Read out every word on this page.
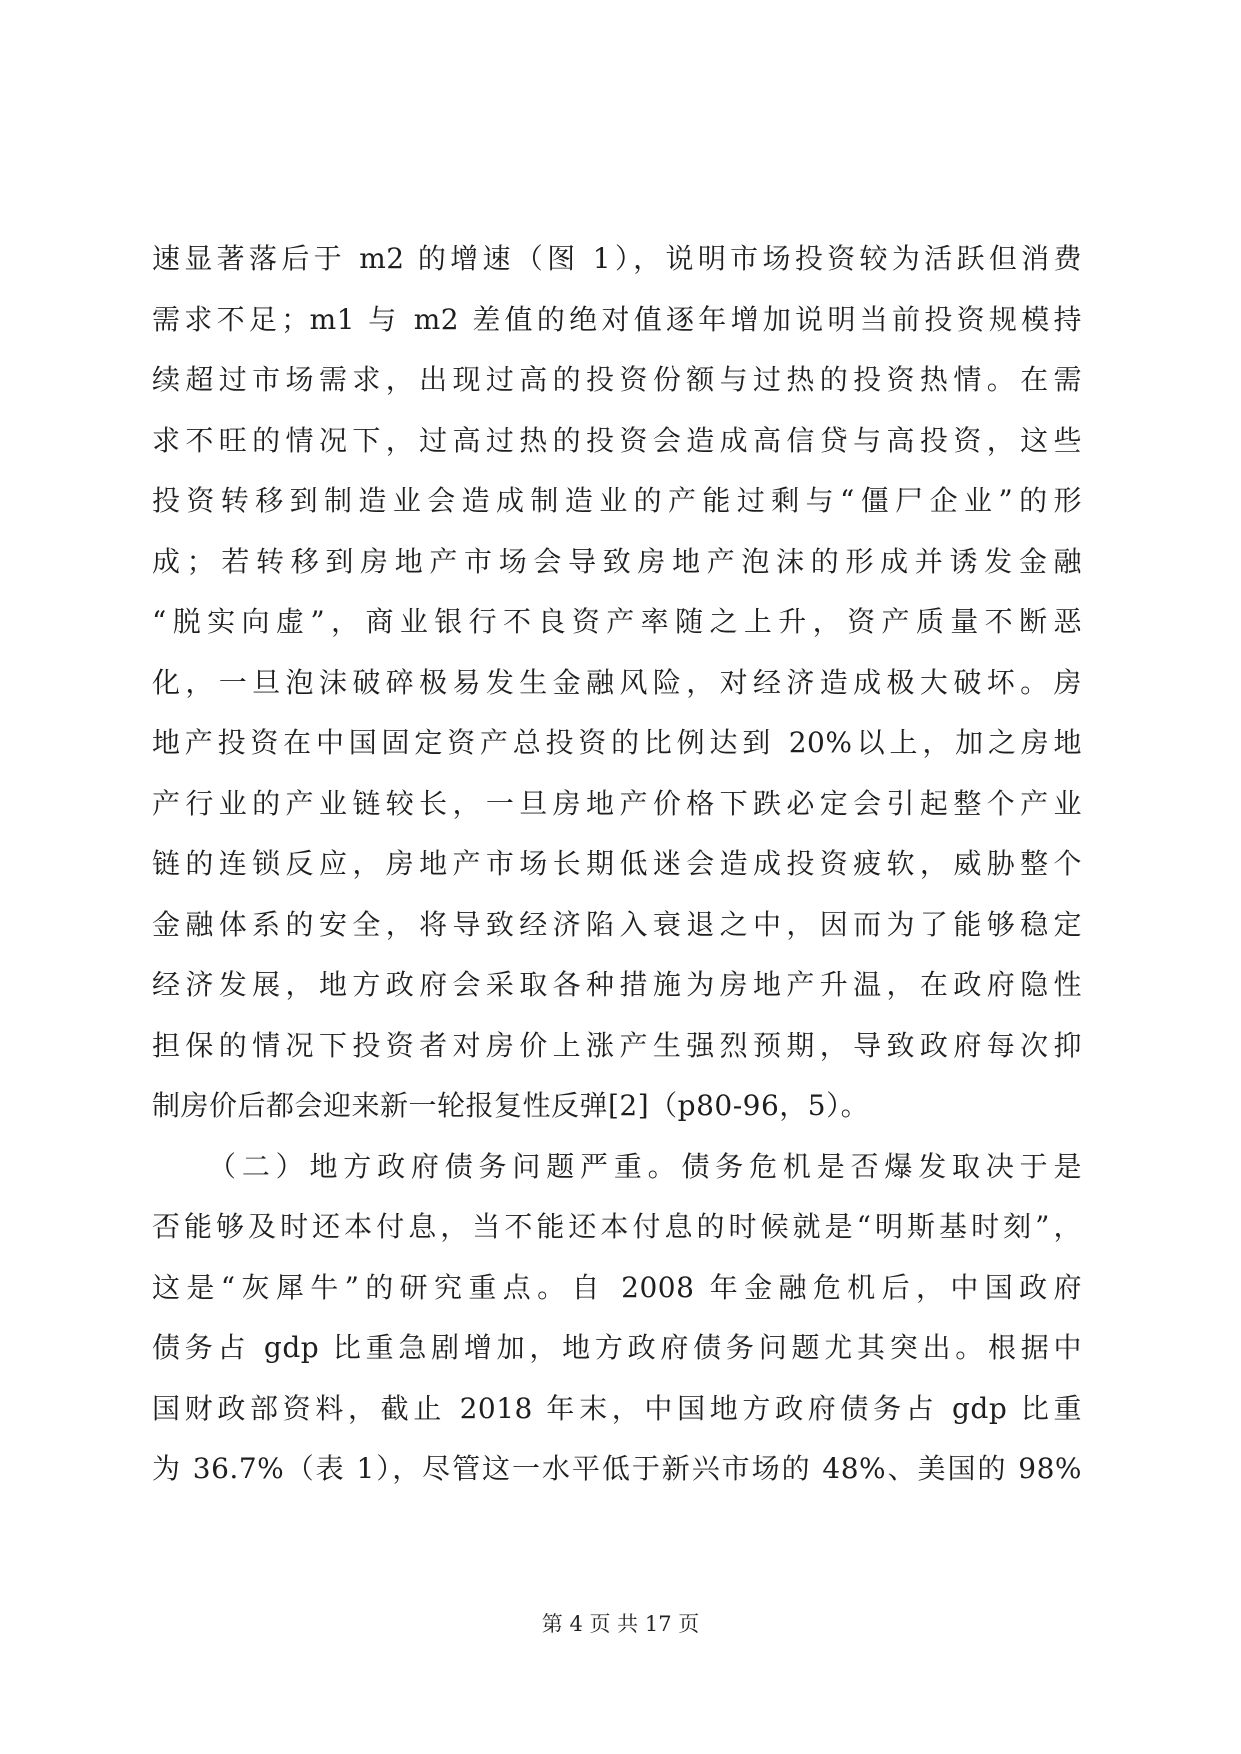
速显著落后于 m2 的增速（图 1），说明市场投资较为活跃但消费
需求不足；m1 与 m2 差值的绝对值逐年增加说明当前投资规模持
续超过市场需求，出现过高的投资份额与过热的投资热情。在需
求不旺的情况下，过高过热的投资会造成高信贷与高投资，这些
投资转移到制造业会造成制造业的产能过剩与“僵尸企业”的形
成；若转移到房地产市场会导致房地产泡沫的形成并诱发金融
“脱实向虚”，商业银行不良资产率随之上升，资产质量不断恶
化，一旦泡沫破碎极易发生金融风险，对经济造成极大破坏。房
地产投资在中国固定资产总投资的比例达到 20%以上，加之房地
产行业的产业链较长，一旦房地产价格下跌必定会引起整个产业
链的连锁反应，房地产市场长期低迷会造成投资疲软，威胁整个
金融体系的安全，将导致经济陷入衰退之中，因而为了能够稳定
经济发展，地方政府会采取各种措施为房地产升温，在政府隐性
担保的情况下投资者对房价上涨产生强烈预期，导致政府每次抑
制房价后都会迎来新一轮报复性反弹[2]（p80-96，5）。
（二）地方政府债务问题严重。债务危机是否爆发取决于是
否能够及时还本付息，当不能还本付息的时候就是“明斯基时刻”，
这是“灰犀牛”的研究重点。自 2008 年金融危机后，中国政府
债务占 gdp 比重急剧增加，地方政府债务问题尤其突出。根据中
国财政部资料，截止 2018 年末，中国地方政府债务占 gdp 比重
为 36.7%（表 1），尽管这一水平低于新兴市场的 48%、美国的 98%
第 4 页 共 17 页
